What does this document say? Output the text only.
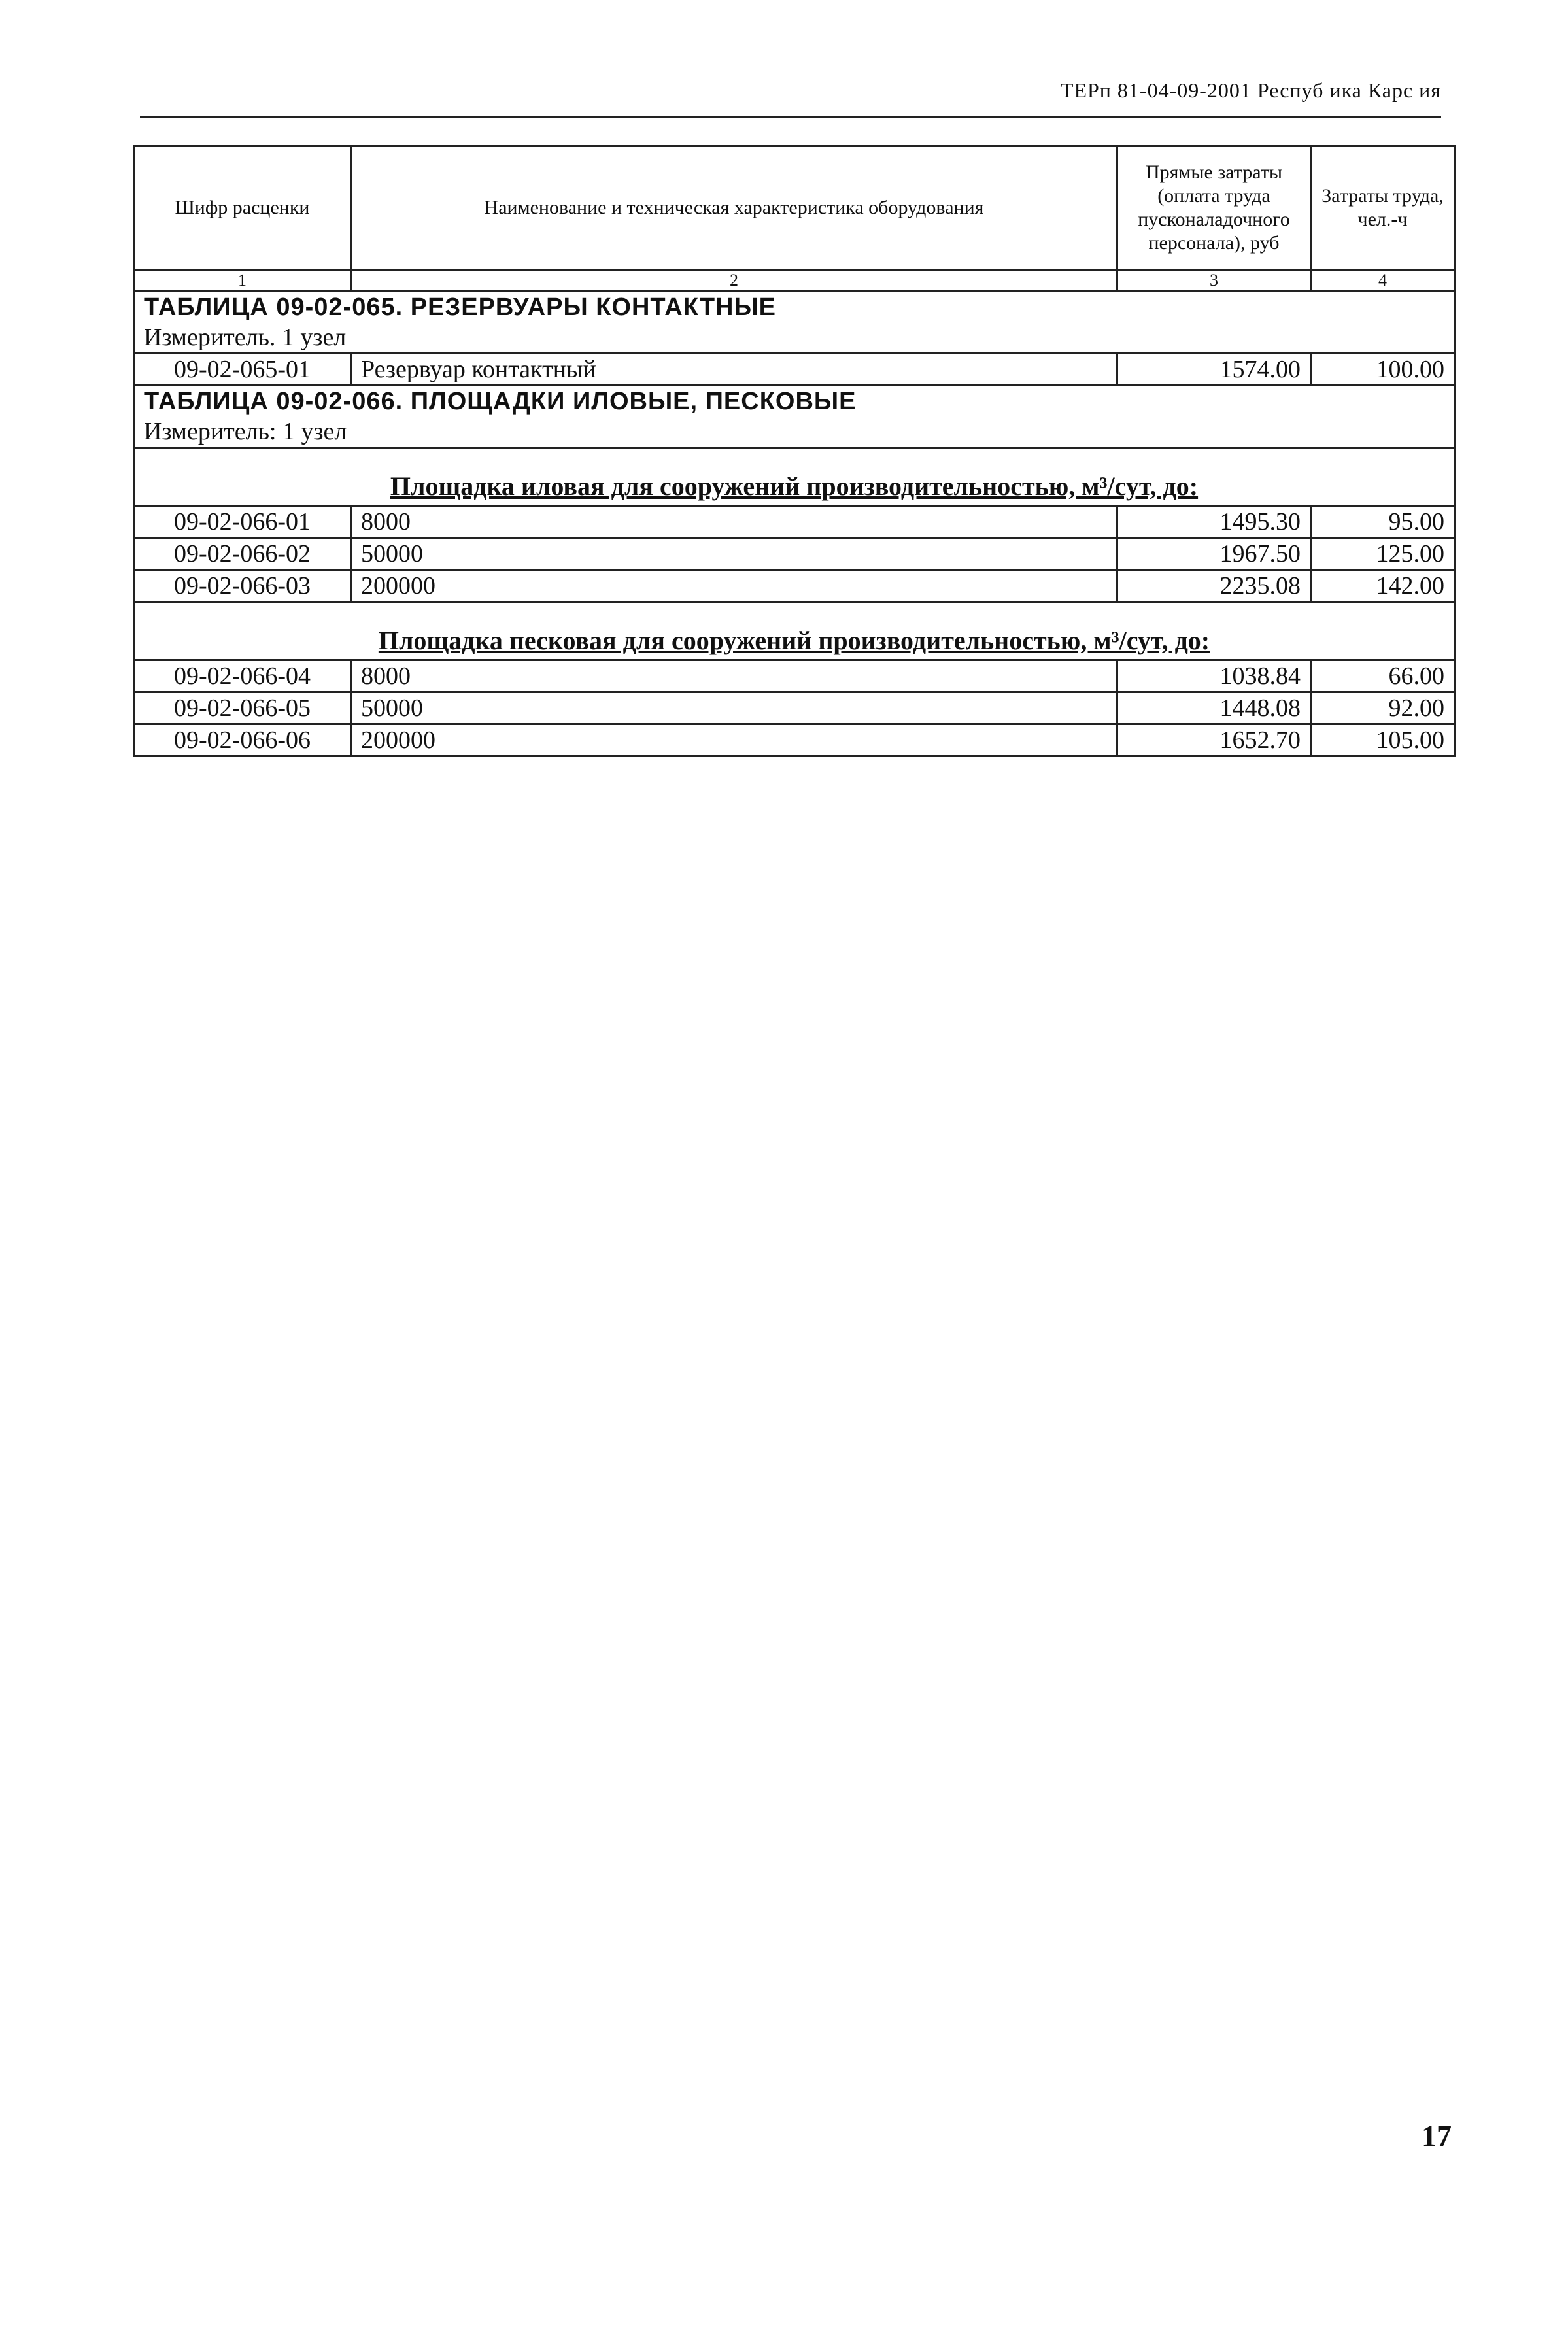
ТЕРп 81-04-09-2001 Респуб ика Карс ия
Шифр расценки	Наименование и техническая характеристика оборудования	Прямые затраты (оплата труда пусконаладочного персонала), руб	Затраты труда, чел.-ч
1	2	3	4
ТАБЛИЦА 09-02-065. РЕЗЕРВУАРЫ КОНТАКТНЫЕ			
Измеритель. 1 узел			
09-02-065-01	Резервуар контактный	1574.00	100.00
ТАБЛИЦА 09-02-066. ПЛОЩАДКИ ИЛОВЫЕ, ПЕСКОВЫЕ			
Измеритель: 1 узел			
Площадка иловая для сооружений производительностью, м³/сут, до:			
09-02-066-01	8000	1495.30	95.00
09-02-066-02	50000	1967.50	125.00
09-02-066-03	200000	2235.08	142.00
Площадка песковая для сооружений производительностью, м³/сут, до:			
09-02-066-04	8000	1038.84	66.00
09-02-066-05	50000	1448.08	92.00
09-02-066-06	200000	1652.70	105.00
17
